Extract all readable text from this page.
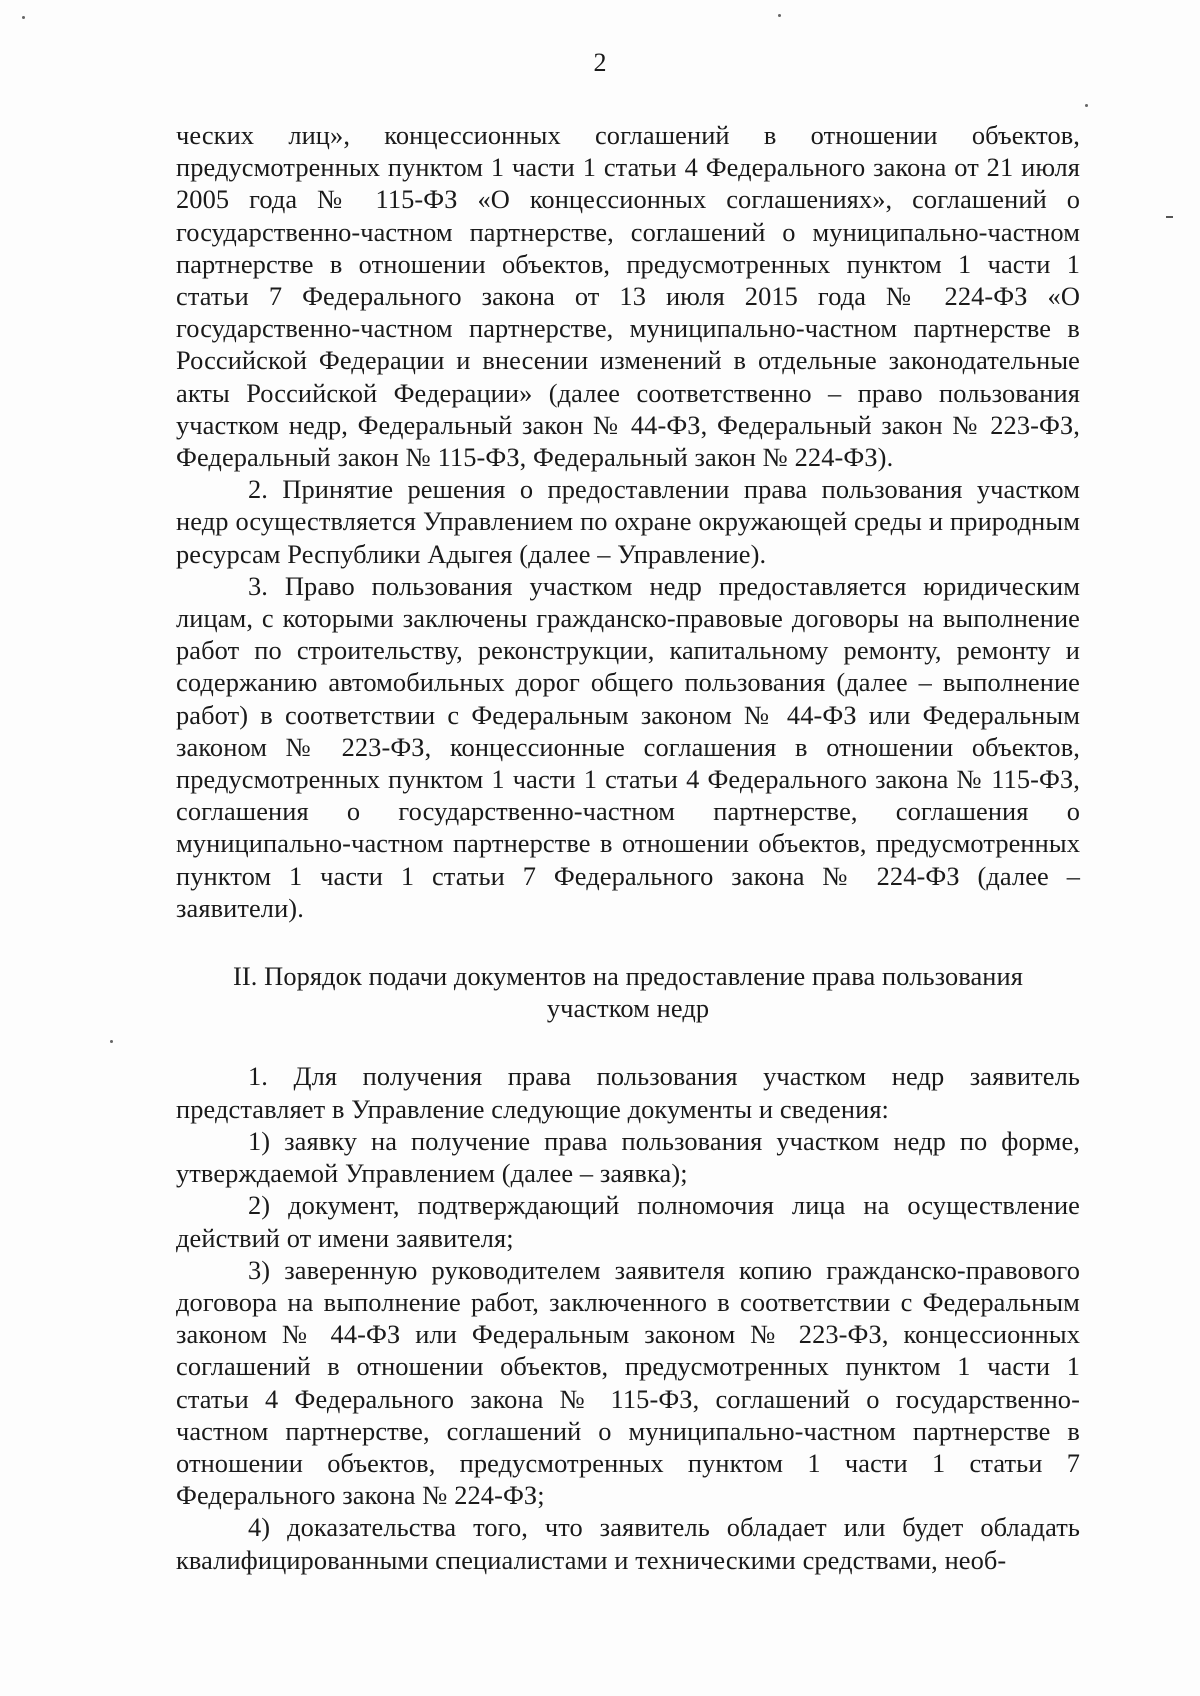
2

ческих лиц», концессионных соглашений в отношении объектов, предусмотренных пунктом 1 части 1 статьи 4 Федерального закона от 21 июля 2005 года № 115-ФЗ «О концессионных соглашениях», соглашений о государственно-частном партнерстве, соглашений о муниципально-частном партнерстве в отношении объектов, предусмотренных пунктом 1 части 1 статьи 7 Федерального закона от 13 июля 2015 года № 224-ФЗ «О государственно-частном партнерстве, муниципально-частном партнерстве в Российской Федерации и внесении изменений в отдельные законодательные акты Российской Федерации» (далее соответственно – право пользования участком недр, Федеральный закон № 44-ФЗ, Федеральный закон № 223-ФЗ, Федеральный закон № 115-ФЗ, Федеральный закон № 224-ФЗ).

2. Принятие решения о предоставлении права пользования участком недр осуществляется Управлением по охране окружающей среды и природным ресурсам Республики Адыгея (далее – Управление).

3. Право пользования участком недр предоставляется юридическим лицам, с которыми заключены гражданско-правовые договоры на выполнение работ по строительству, реконструкции, капитальному ремонту, ремонту и содержанию автомобильных дорог общего пользования (далее – выполнение работ) в соответствии с Федеральным законом № 44-ФЗ или Федеральным законом № 223-ФЗ, концессионные соглашения в отношении объектов, предусмотренных пунктом 1 части 1 статьи 4 Федерального закона № 115-ФЗ, соглашения о государственно-частном партнерстве, соглашения о муниципально-частном партнерстве в отношении объектов, предусмотренных пунктом 1 части 1 статьи 7 Федерального закона № 224-ФЗ (далее – заявители).

II. Порядок подачи документов на предоставление права пользования участком недр

1. Для получения права пользования участком недр заявитель представляет в Управление следующие документы и сведения:

1) заявку на получение права пользования участком недр по форме, утверждаемой Управлением (далее – заявка);

2) документ, подтверждающий полномочия лица на осуществление действий от имени заявителя;

3) заверенную руководителем заявителя копию гражданско-правового договора на выполнение работ, заключенного в соответствии с Федеральным законом № 44-ФЗ или Федеральным законом № 223-ФЗ, концессионных соглашений в отношении объектов, предусмотренных пунктом 1 части 1 статьи 4 Федерального закона № 115-ФЗ, соглашений о государственно-частном партнерстве, соглашений о муниципально-частном партнерстве в отношении объектов, предусмотренных пунктом 1 части 1 статьи 7 Федерального закона № 224-ФЗ;

4) доказательства того, что заявитель обладает или будет обладать квалифицированными специалистами и техническими средствами, необ-
